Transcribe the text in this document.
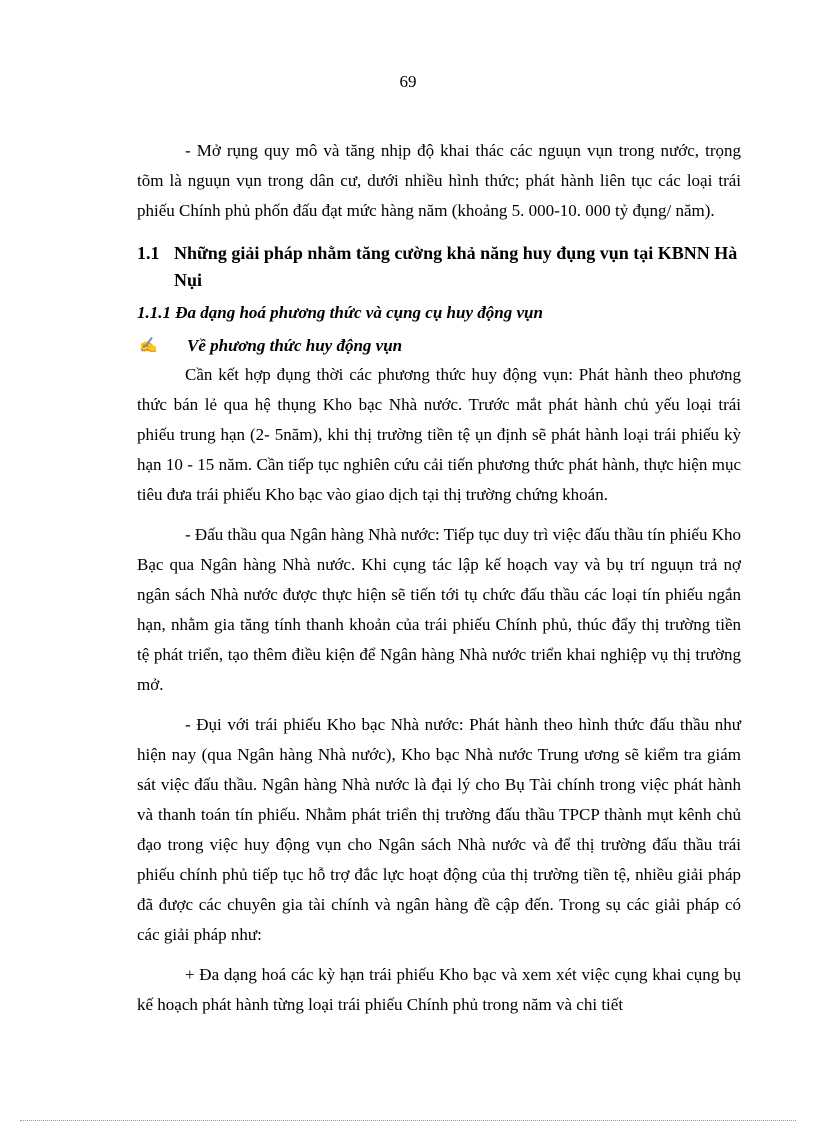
69

- Mở rụng quy mô và tăng nhịp độ khai thác các nguụn vụn trong nước, trọng tõm là nguụn vụn trong dân cư, dưới nhiều hình thức; phát hành liên tục các loại trái phiếu Chính phủ phốn đấu đạt mức hàng năm (khoảng 5. 000-10. 000 tỷ đụng/ năm).

1.1 Những giải pháp nhằm tăng cường khả năng huy đụng vụn tại KBNN Hà Nụi
1.1.1 Đa dạng hoá phương thức và cụng cụ huy động vụn
✍	Về phương thức huy động vụn

Cần kết hợp đụng thời các phương thức huy động vụn: Phát hành theo phương thức bán lẻ qua hệ thụng Kho bạc Nhà nước. Trước mắt phát hành chủ yếu loại trái phiếu trung hạn (2- 5năm), khi thị trường tiền tệ ụn định sẽ phát hành loại trái phiếu kỳ hạn 10 - 15 năm. Cần tiếp tục nghiên cứu cải tiến phương thức phát hành, thực hiện mục tiêu đưa trái phiếu Kho bạc vào giao dịch tại thị trường chứng khoán.

- Đấu thầu qua Ngân hàng Nhà nước: Tiếp tục duy trì việc đấu thầu tín phiếu Kho Bạc qua Ngân hàng Nhà nước. Khi cụng tác lập kế hoạch vay và bụ trí nguụn trả nợ ngân sách Nhà nước được thực hiện sẽ tiến tới tụ chức đấu thầu các loại tín phiếu ngắn hạn, nhằm gia tăng tính thanh khoản của trái phiếu Chính phủ, thúc đẩy thị trường tiền tệ phát triển, tạo thêm điều kiện để Ngân hàng Nhà nước triển khai nghiệp vụ thị trường mở.

- Đụi với trái phiếu Kho bạc Nhà nước: Phát hành theo hình thức đấu thầu như hiện nay (qua Ngân hàng Nhà nước), Kho bạc Nhà nước Trung ương sẽ kiểm tra giám sát việc đấu thầu. Ngân hàng Nhà nước là đại lý cho Bụ Tài chính trong việc phát hành và thanh toán tín phiếu. Nhằm phát triển thị trường đấu thầu TPCP thành mụt kênh chủ đạo trong việc huy động vụn cho Ngân sách Nhà nước và để thị trường đấu thầu trái phiếu chính phủ tiếp tục hỗ trợ đắc lực hoạt động của thị trường tiền tệ, nhiều giải pháp đã được các chuyên gia tài chính và ngân hàng đề cập đến. Trong sụ các giải pháp có các giải pháp như:

+ Đa dạng hoá các kỳ hạn trái phiếu Kho bạc và xem xét việc cụng khai cụng bụ kế hoạch phát hành từng loại trái phiếu Chính phủ trong năm và chi tiết
